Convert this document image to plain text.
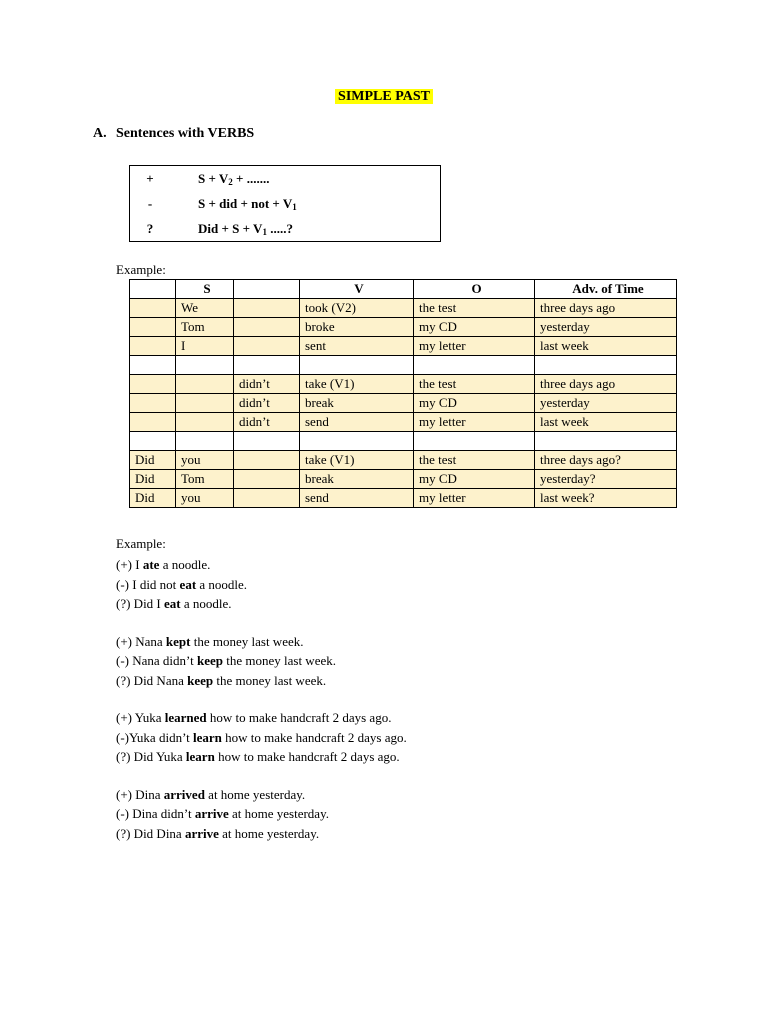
SIMPLE PAST
A. Sentences with VERBS
+	$S + V_2$ + .......
-	S + did + not + $V_1$
?	Did + $S + V_1$ .....?
Example:
	S		V	O	Adv. of Time
	We		took (V2)	the test	three days ago
	Tom		broke	my CD	yesterday
	I		sent	my letter	last week

		didn’t	take (V1)	the test	three days ago
		didn’t	break	my CD	yesterday
		didn’t	send	my letter	last week

Did	you		take (V1)	the test	three days ago?
Did	Tom		break	my CD	yesterday?
Did	you		send	my letter	last week?
Example:
(+) I ate a noodle.
(-) I did not eat a noodle.
(?) Did I eat a noodle.
(+) Nana kept the money last week.
(-) Nana didn’t keep the money last week.
(?) Did Nana keep the money last week.
(+) Yuka learned how to make handcraft 2 days ago.
(-)Yuka didn’t learn how to make handcraft 2 days ago.
(?) Did Yuka learn how to make handcraft 2 days ago.
(+) Dina arrived at home yesterday.
(-) Dina didn’t arrive at home yesterday.
(?) Did Dina arrive at home yesterday.
